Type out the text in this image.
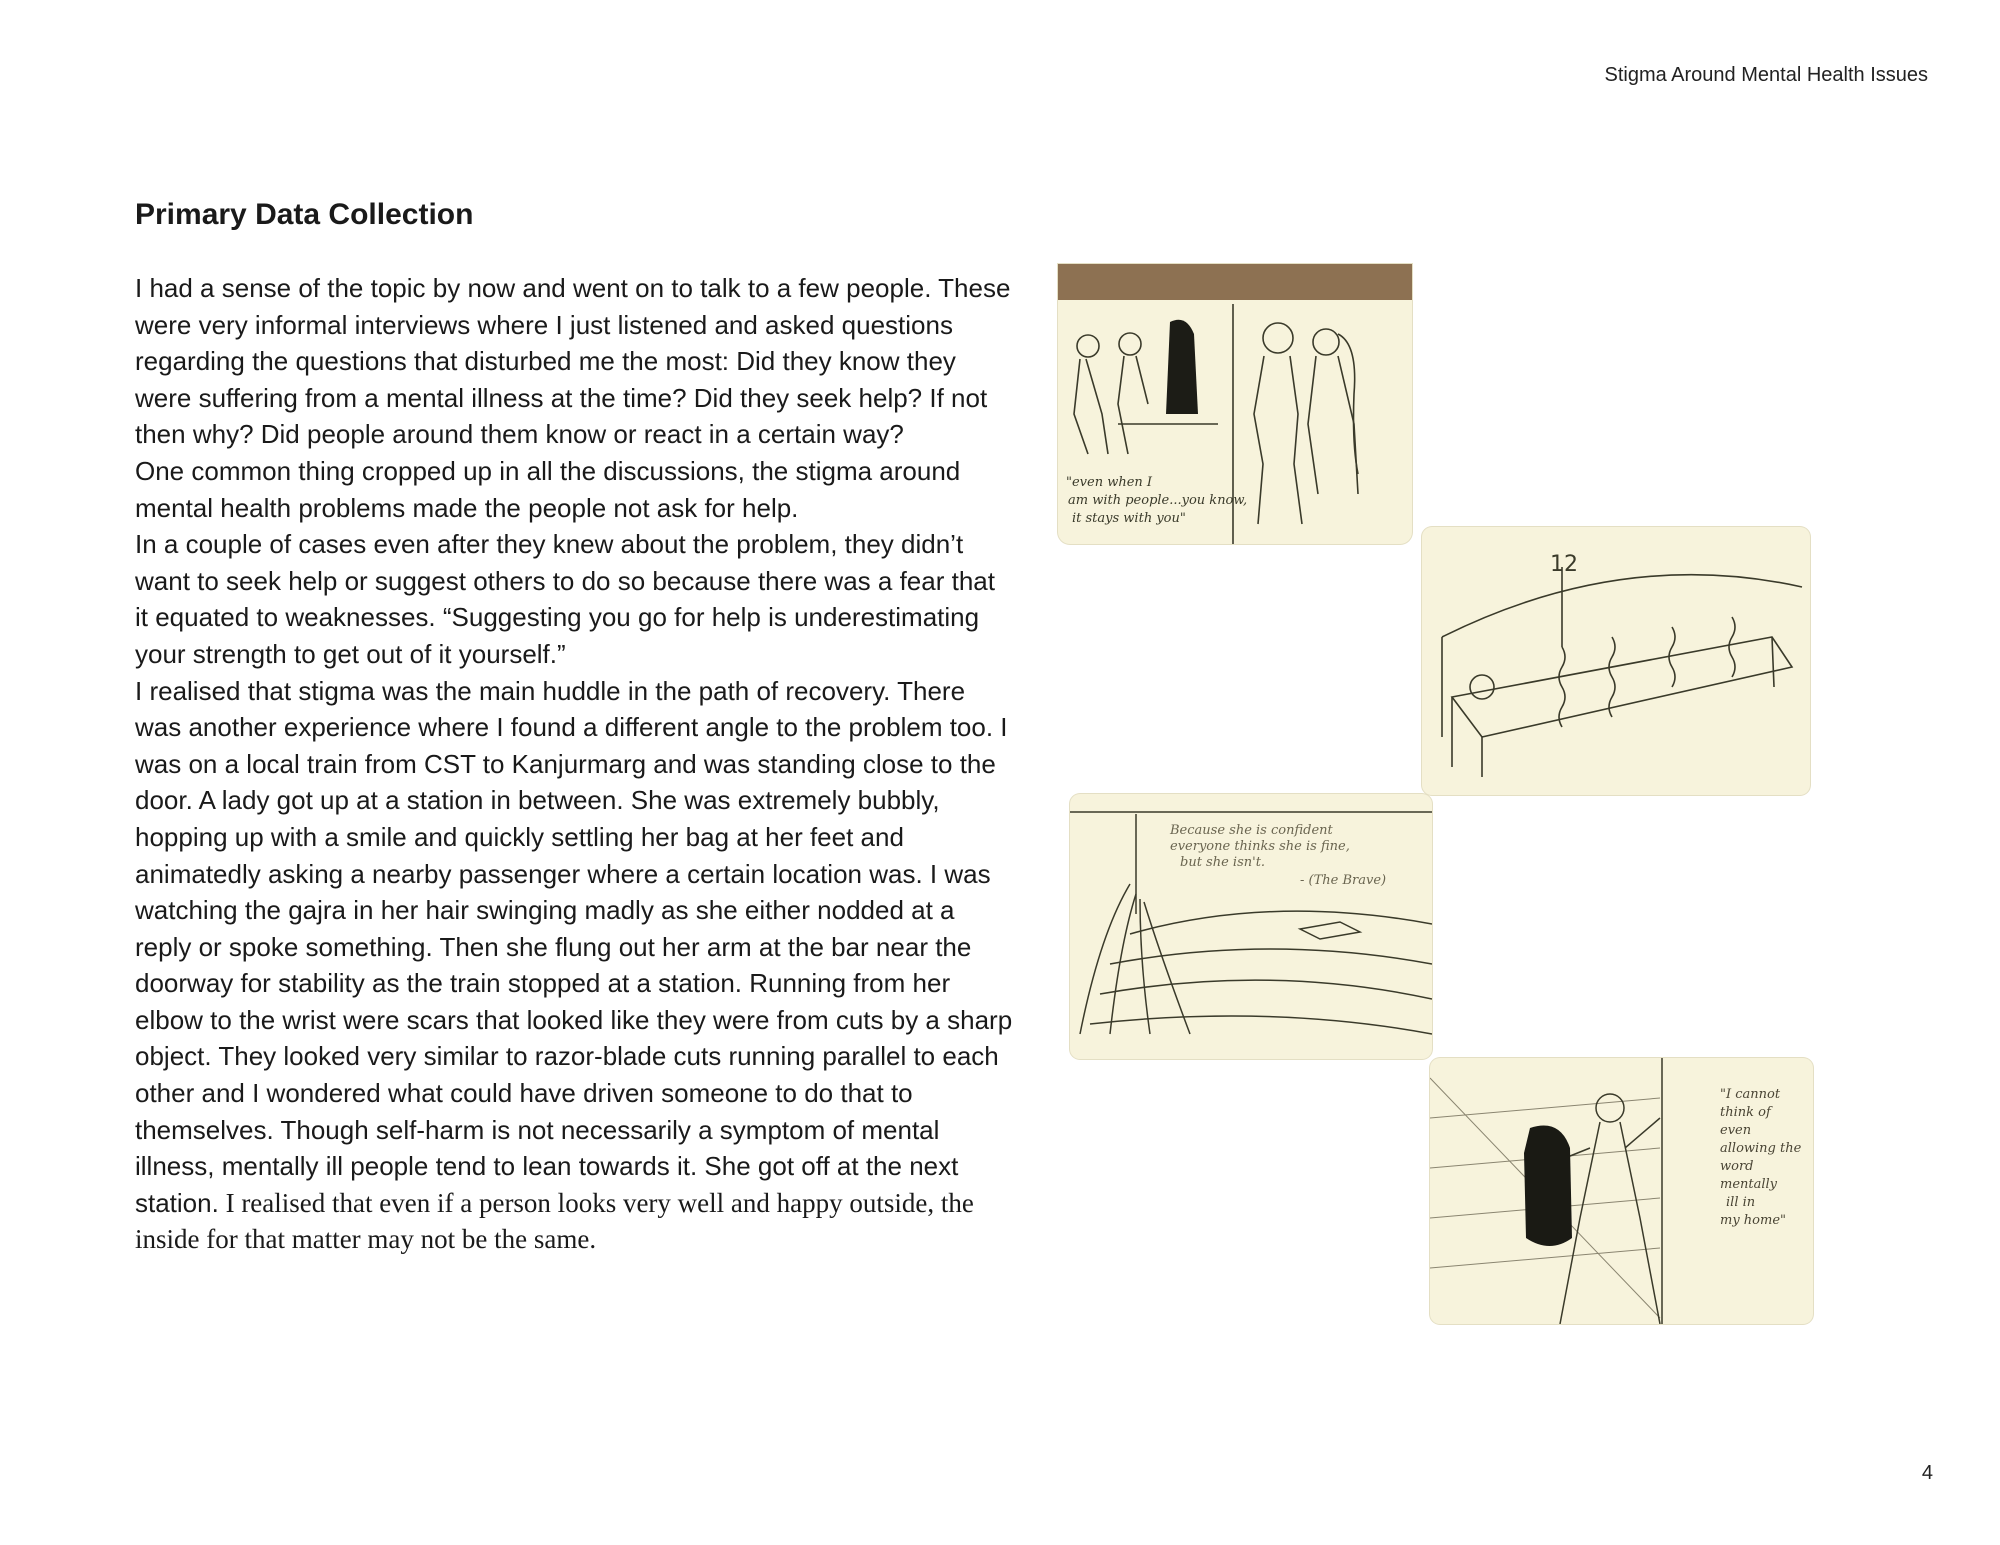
Stigma Around Mental Health Issues
Primary Data Collection

I had a sense of the topic by now and went on to talk to a few people. These were very informal interviews where I just listened and asked questions regarding the questions that disturbed me the most: Did they know they were suffering from a mental illness at the time? Did they seek help? If not then why? Did people around them know or react in a certain way?

One common thing cropped up in all the discussions, the stigma around mental health problems made the people not ask for help.

In a couple of cases even after they knew about the problem, they didn’t want to seek help or suggest others to do so because there was a fear that it equated to weaknesses. “Suggesting you go for help is underestimating your strength to get out of it yourself.”

I realised that stigma was the main huddle in the path of recovery. There was another experience where I found a different angle to the problem too. I was on a local train from CST to Kanjurmarg and was standing close to the door. A lady got up at a station in between. She was extremely bubbly, hopping up with a smile and quickly settling her bag at her feet and animatedly asking a nearby passenger where a certain location was. I was watching the gajra in her hair swinging madly as she either nodded at a reply or spoke something. Then she flung out her arm at the bar near the doorway for stability as the train stopped at a station. Running from her elbow to the wrist were scars that looked like they were from cuts by a sharp object. They looked very similar to razor-blade cuts running parallel to each other and I wondered what could have driven someone to do that to themselves. Though self-harm is not necessarily a symptom of mental illness, mentally ill people tend to lean towards it. She got off at the next station. I realised that even if a person looks very well and happy outside, the inside for that matter may not be the same.

"even when I
am with people...you know,
it stays with you"
12
Because she is confident
everyone thinks she is fine,
but she isn't.
- (The Brave)
"I cannot
think of
even
allowing the
word
mentally
ill in
my home"
4
